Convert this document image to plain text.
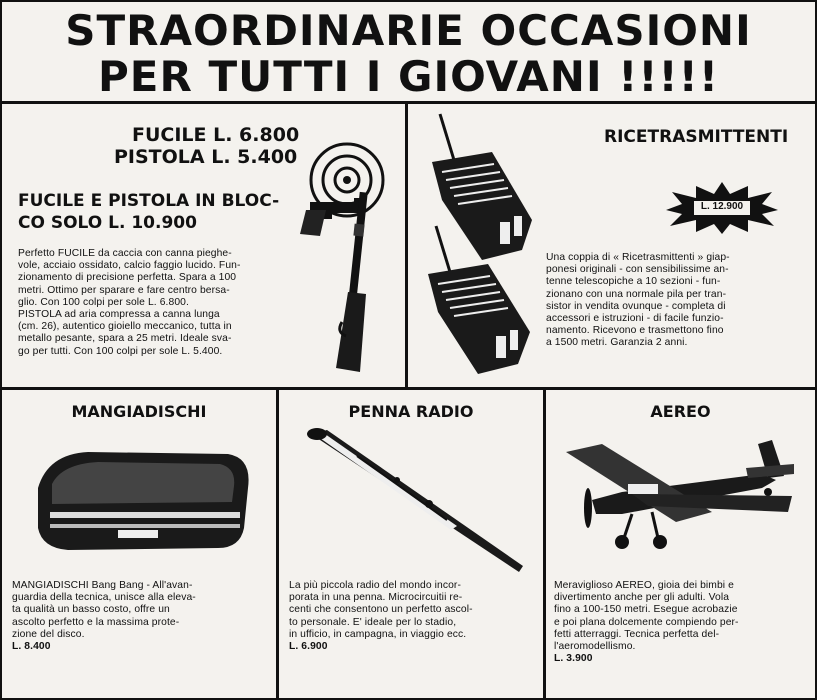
STRAORDINARIE OCCASIONI
PER TUTTI I GIOVANI !!!!!
FUCILE L. 6.800
PISTOLA L. 5.400
FUCILE E PISTOLA IN BLOC-
CO SOLO L. 10.900
Perfetto FUCILE da caccia con canna pieghe-
vole, acciaio ossidato, calcio faggio lucido. Fun-
zionamento di precisione perfetta. Spara a 100
metri. Ottimo per sparare e fare centro bersa-
glio. Con 100 colpi per sole L. 6.800.
PISTOLA ad aria compressa a canna lunga
(cm. 26), autentico gioiello meccanico, tutta in
metallo pesante, spara a 25 metri. Ideale sva-
go per tutti. Con 100 colpi per sole L. 5.400.
RICETRASMITTENTI
L. 12.900
Una coppia di « Ricetrasmittenti » giap-
ponesi originali - con sensibilissime an-
tenne telescopiche a 10 sezioni - fun-
zionano con una normale pila per tran-
sistor in vendita ovunque - completa di
accessori e istruzioni - di facile funzio-
namento. Ricevono e trasmettono fino
a 1500 metri. Garanzia 2 anni.
MANGIADISCHI
MANGIADISCHI Bang Bang - All'avan-
guardia della tecnica, unisce alla eleva-
ta qualità un basso costo, offre un
ascolto perfetto e la massima prote-
zione del disco.
L. 8.400
PENNA RADIO
La più piccola radio del mondo incor-
porata in una penna. Microcircuitii re-
centi che consentono un perfetto ascol-
to personale. E' ideale per lo stadio,
in ufficio, in campagna, in viaggio ecc.
L. 6.900
AEREO
Meraviglioso AEREO, gioia dei bimbi e
divertimento anche per gli adulti. Vola
fino a 100-150 metri. Esegue acrobazie
e poi plana dolcemente compiendo per-
fetti atterraggi. Tecnica perfetta del-
l'aeromodellismo.
L. 3.900
